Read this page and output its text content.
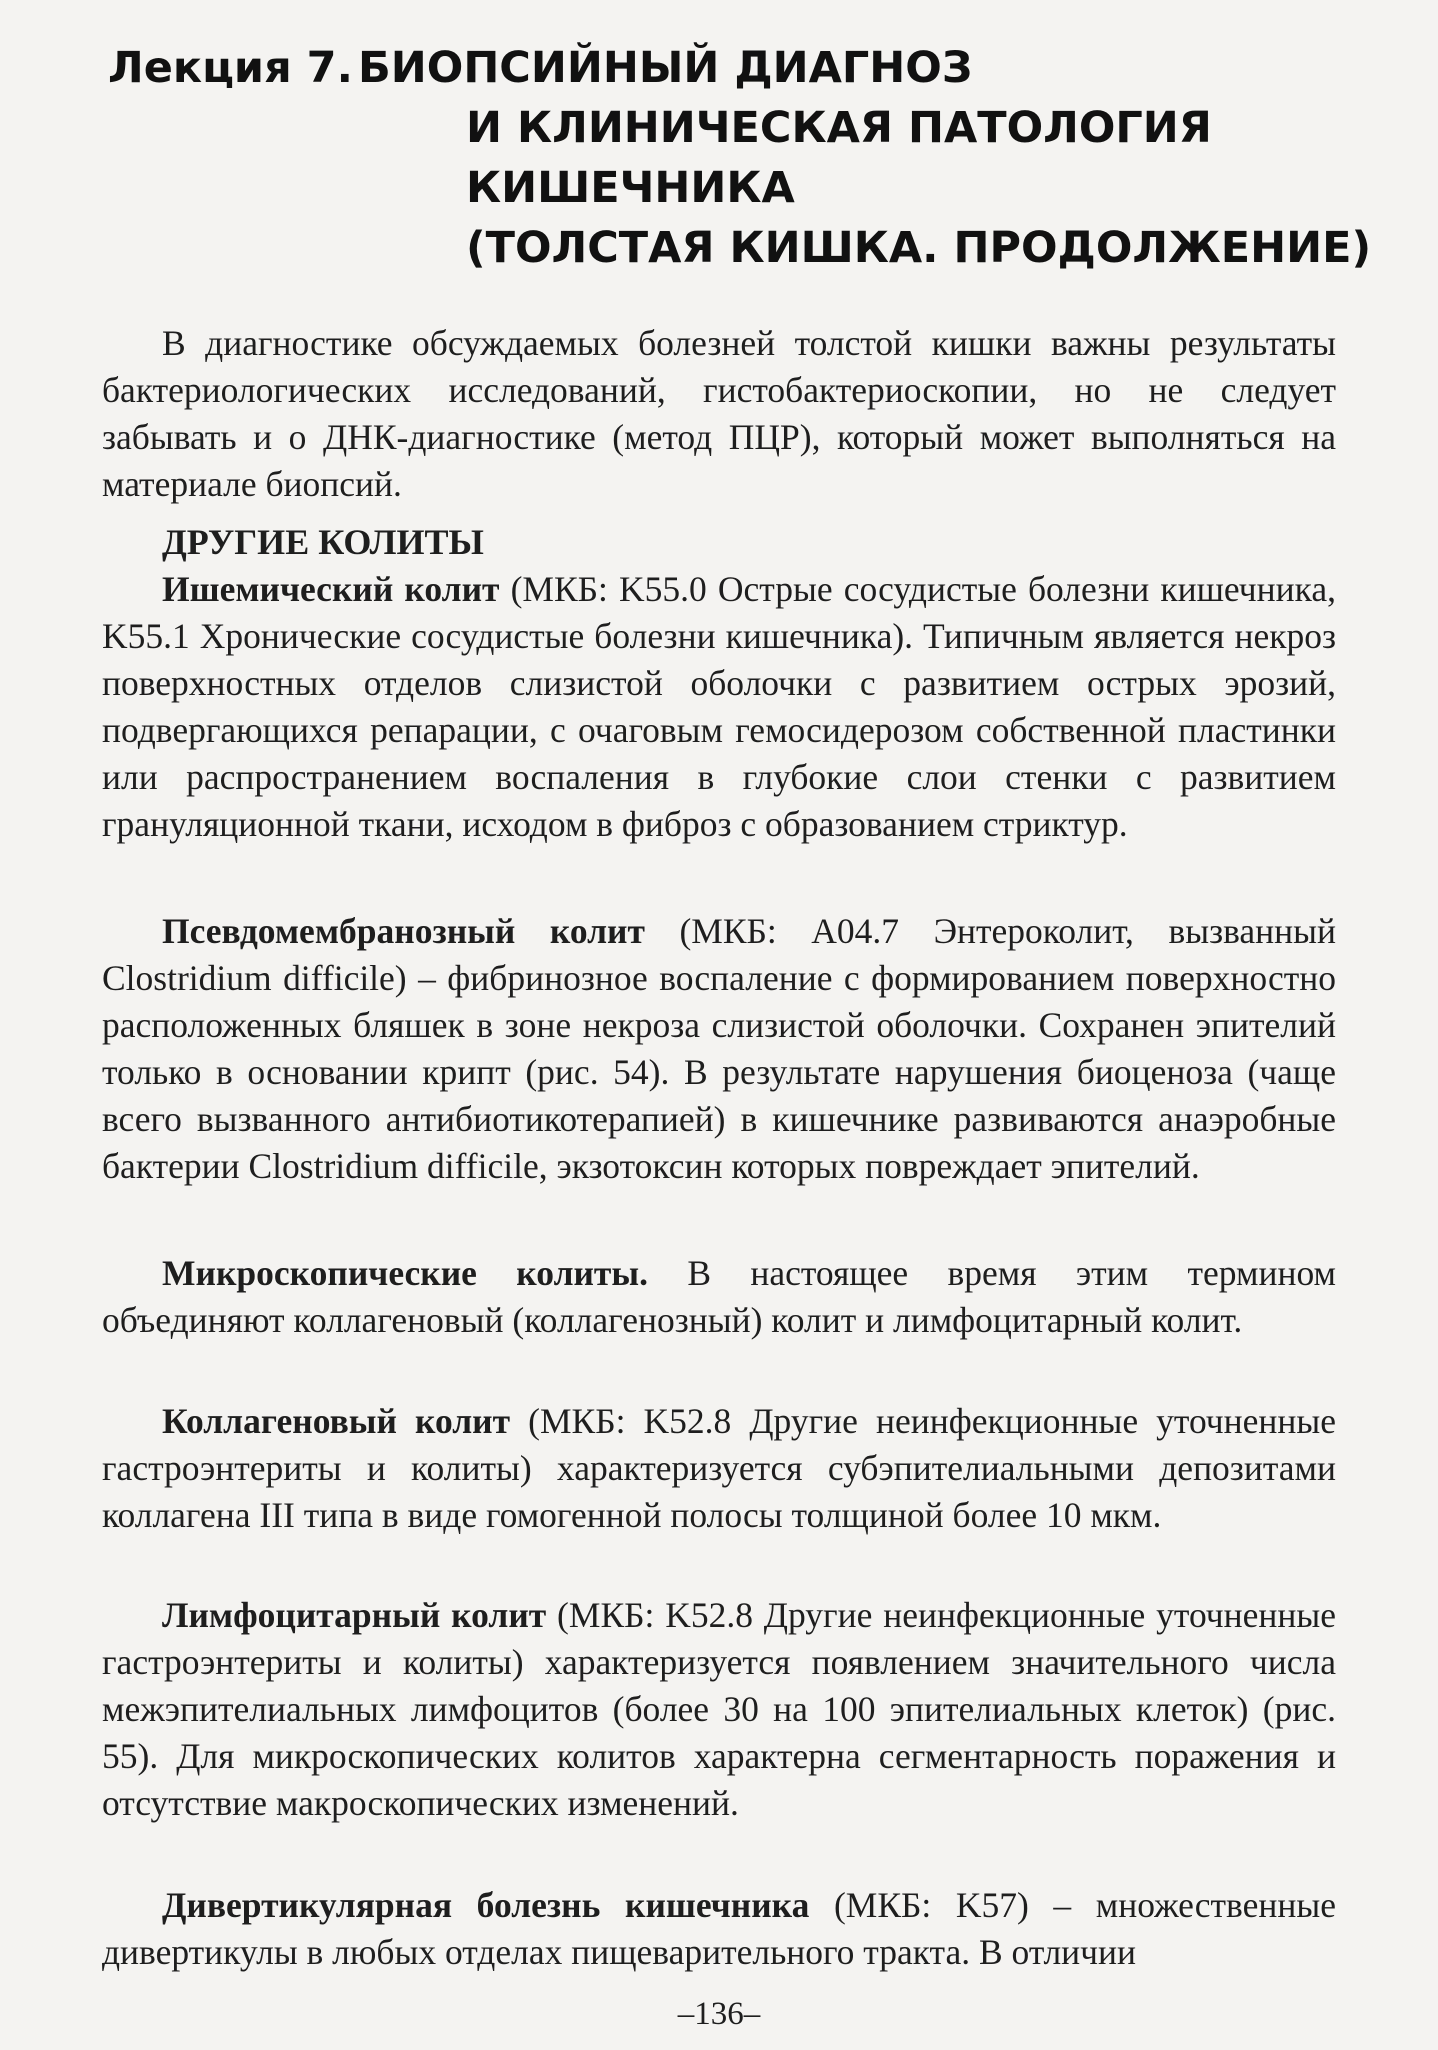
Лекция 7. БИОПСИЙНЫЙ ДИАГНОЗ
И КЛИНИЧЕСКАЯ ПАТОЛОГИЯ КИШЕЧНИКА
(ТОЛСТАЯ КИШКА. ПРОДОЛЖЕНИЕ)

В диагностике обсуждаемых болезней толстой кишки важны результаты бактериологических исследований, гистобактериоскопии, но не следует забывать и о ДНК-диагностике (метод ПЦР), который может выполняться на материале биопсий.

ДРУГИЕ КОЛИТЫ

Ишемический колит (МКБ: K55.0 Острые сосудистые болезни кишечника, K55.1 Хронические сосудистые болезни кишечника). Типичным является некроз поверхностных отделов слизистой оболочки с развитием острых эрозий, подвергающихся репарации, с очаговым гемосидерозом собственной пластинки или распространением воспаления в глубокие слои стенки с развитием грануляционной ткани, исходом в фиброз с образованием стриктур.

Псевдомембранозный колит (МКБ: A04.7 Энтероколит, вызванный Clostridium difficile) – фибринозное воспаление с формированием поверхностно расположенных бляшек в зоне некроза слизистой оболочки. Сохранен эпителий только в основании крипт (рис. 54). В результате нарушения биоценоза (чаще всего вызванного антибиотикотерапией) в кишечнике развиваются анаэробные бактерии Clostridium difficile, экзотоксин которых повреждает эпителий.

Микроскопические колиты. В настоящее время этим термином объединяют коллагеновый (коллагенозный) колит и лимфоцитарный колит.

Коллагеновый колит (МКБ: K52.8 Другие неинфекционные уточненные гастроэнтериты и колиты) характеризуется субэпителиальными депозитами коллагена III типа в виде гомогенной полосы толщиной более 10 мкм.

Лимфоцитарный колит (МКБ: K52.8 Другие неинфекционные уточненные гастроэнтериты и колиты) характеризуется появлением значительного числа межэпителиальных лимфоцитов (более 30 на 100 эпителиальных клеток) (рис. 55). Для микроскопических колитов характерна сегментарность поражения и отсутствие макроскопических изменений.

Дивертикулярная болезнь кишечника (МКБ: K57) – множественные дивертикулы в любых отделах пищеварительного тракта. В отличии

–136–
